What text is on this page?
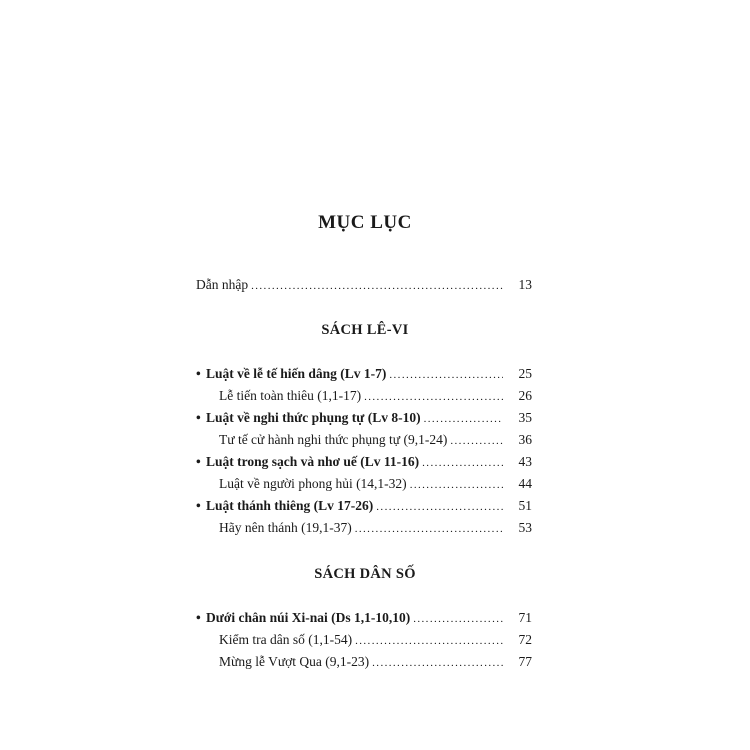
MỤC LỤC
Dẫn nhập .....	13
SÁCH LÊ-VI
• Luật về lễ tế hiến dâng (Lv 1-7) .....	25
Lễ tiến toàn thiêu (1,1-17) .....	26
• Luật về nghi thức phụng tự (Lv 8-10) .....	35
Tư tế cử hành nghi thức phụng tự (9,1-24) .....	36
• Luật trong sạch và nhơ uế (Lv 11-16) .....	43
Luật về người phong hủi (14,1-32) .....	44
• Luật thánh thiêng (Lv 17-26) .....	51
Hãy nên thánh (19,1-37) .....	53
SÁCH DÂN SỐ
• Dưới chân núi Xi-nai (Ds 1,1-10,10) .....	71
Kiểm tra dân số (1,1-54) .....	72
Mừng lễ Vượt Qua (9,1-23) .....	77
